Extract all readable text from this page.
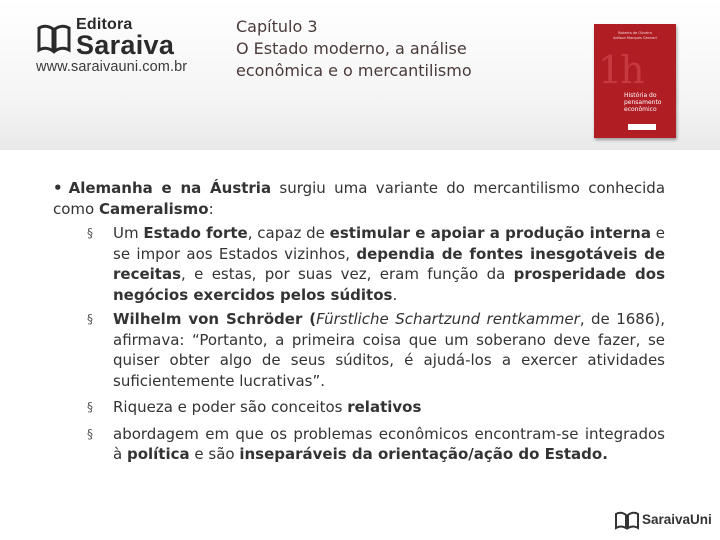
Editora
Saraiva
www.saraivauni.com.br
Capítulo 3
O Estado moderno, a análise
econômica e o mercantilismo
Roberto de Oliveira
Adilson Marques Gennari
1h
História do pensamento econômico

• Alemanha e na Áustria surgiu uma variante do mercantilismo conhecida como Cameralismo:

§ Um Estado forte, capaz de estimular e apoiar a produção interna e se impor aos Estados vizinhos, dependia de fontes inesgotáveis de receitas, e estas, por suas vez, eram função da prosperidade dos negócios exercidos pelos súditos.
§ Wilhelm von Schröder (Fürstliche Schartzund rentkammer, de 1686), afirmava: “Portanto, a primeira coisa que um soberano deve fazer, se quiser obter algo de seus súditos, é ajudá-los a exercer atividades suficientemente lucrativas”.
§ Riqueza e poder são conceitos relativos
§ abordagem em que os problemas econômicos encontram-se integrados à política e são inseparáveis da orientação/ação do Estado.
SaraivaUni
